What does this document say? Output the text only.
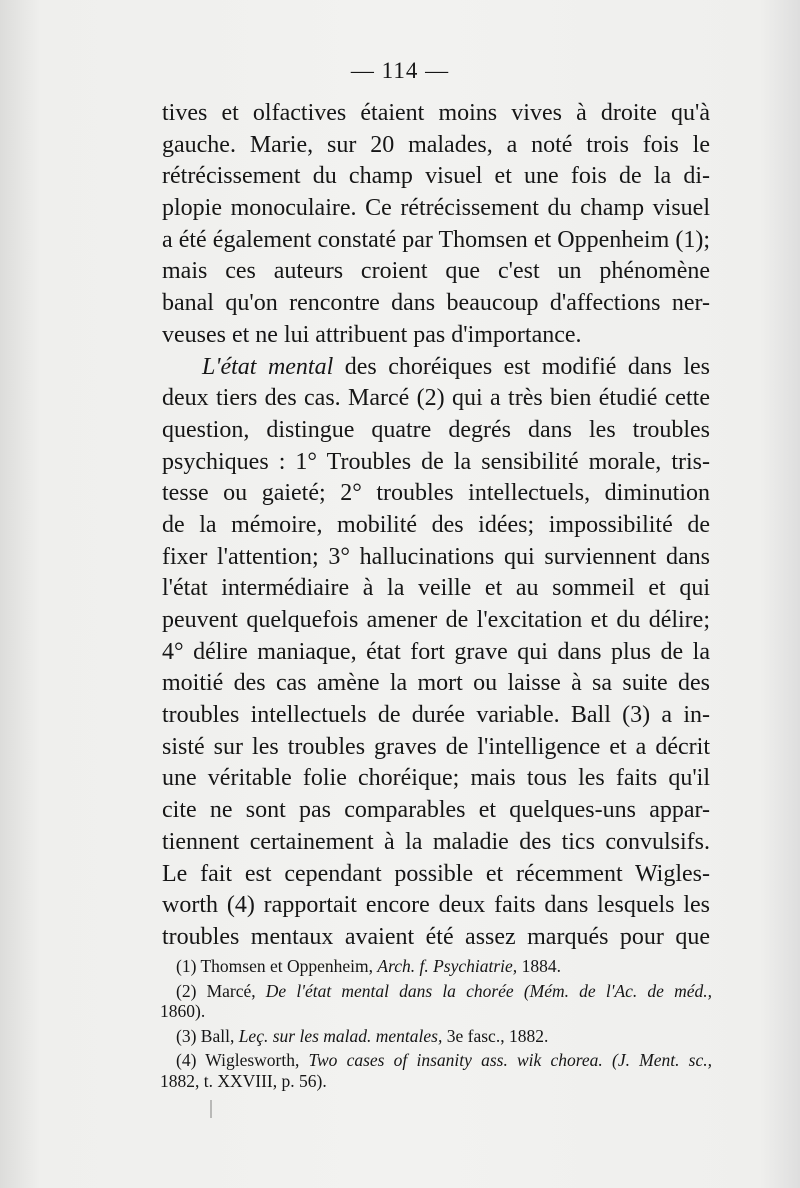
— 114 —
tives et olfactives étaient moins vives à droite qu'à
gauche. Marie, sur 20 malades, a noté trois fois le
rétrécissement du champ visuel et une fois de la di-
plopie monoculaire. Ce rétrécissement du champ visuel
a été également constaté par Thomsen et Oppenheim (1);
mais ces auteurs croient que c'est un phénomène
banal qu'on rencontre dans beaucoup d'affections ner-
veuses et ne lui attribuent pas d'importance.
L'état mental des choréiques est modifié dans les
deux tiers des cas. Marcé (2) qui a très bien étudié cette
question, distingue quatre degrés dans les troubles
psychiques : 1° Troubles de la sensibilité morale, tris-
tesse ou gaieté; 2° troubles intellectuels, diminution
de la mémoire, mobilité des idées; impossibilité de
fixer l'attention; 3° hallucinations qui surviennent dans
l'état intermédiaire à la veille et au sommeil et qui
peuvent quelquefois amener de l'excitation et du délire;
4° délire maniaque, état fort grave qui dans plus de la
moitié des cas amène la mort ou laisse à sa suite des
troubles intellectuels de durée variable. Ball (3) a in-
sisté sur les troubles graves de l'intelligence et a décrit
une véritable folie choréique; mais tous les faits qu'il
cite ne sont pas comparables et quelques-uns appar-
tiennent certainement à la maladie des tics convulsifs.
Le fait est cependant possible et récemment Wigles-
worth (4) rapportait encore deux faits dans lesquels les
troubles mentaux avaient été assez marqués pour que
(1) Thomsen et Oppenheim, Arch. f. Psychiatrie, 1884.
(2) Marcé, De l'état mental dans la chorée (Mém. de l'Ac. de méd.,
1860).
(3) Ball, Leç. sur les malad. mentales, 3e fasc., 1882.
(4) Wiglesworth, Two cases of insanity ass. wik chorea. (J. Ment. sc.,
1882, t. XXVIII, p. 56).
